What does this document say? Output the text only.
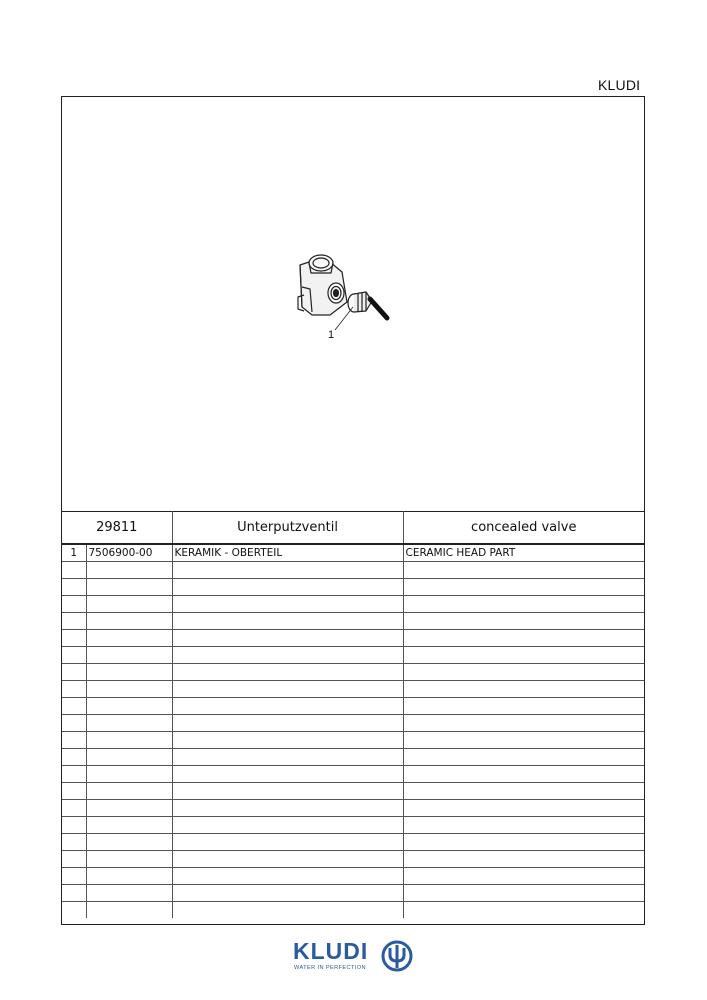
KLUDI
1
29811		Unterputzventil	concealed valve
1	7506900-00	KERAMIK - OBERTEIL	CERAMIC HEAD PART

KLUDI
WATER IN PERFECTION
